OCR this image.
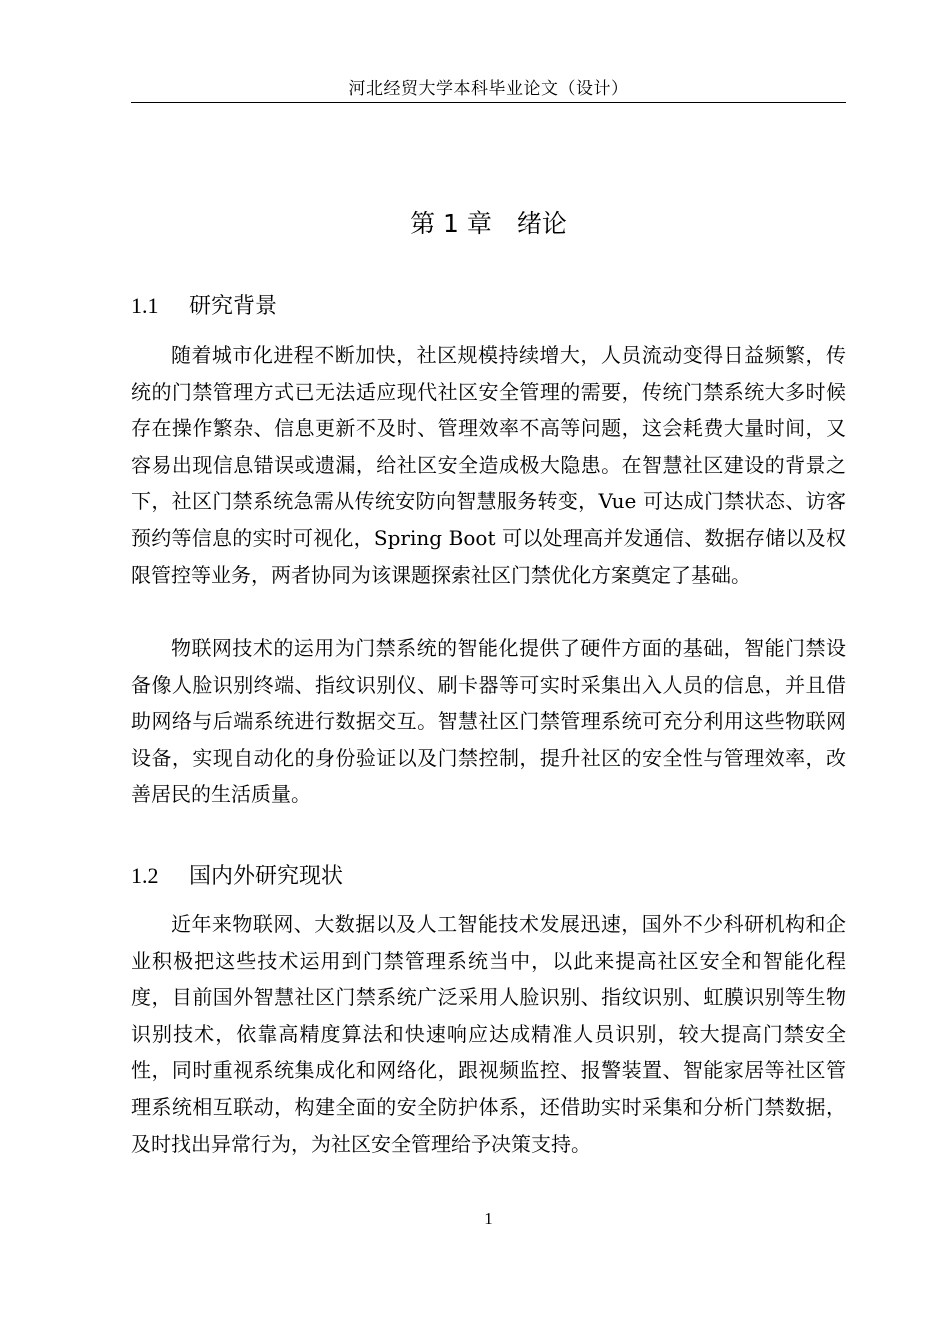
河北经贸大学本科毕业论文（设计）
第 1 章　绪论
1.1 研究背景

随着城市化进程不断加快，社区规模持续增大，人员流动变得日益频繁，传统的门禁管理方式已无法适应现代社区安全管理的需要，传统门禁系统大多时候存在操作繁杂、信息更新不及时、管理效率不高等问题，这会耗费大量时间，又容易出现信息错误或遗漏，给社区安全造成极大隐患。在智慧社区建设的背景之下，社区门禁系统急需从传统安防向智慧服务转变，Vue 可达成门禁状态、访客预约等信息的实时可视化，Spring Boot 可以处理高并发通信、数据存储以及权限管控等业务，两者协同为该课题探索社区门禁优化方案奠定了基础。

物联网技术的运用为门禁系统的智能化提供了硬件方面的基础，智能门禁设备像人脸识别终端、指纹识别仪、刷卡器等可实时采集出入人员的信息，并且借助网络与后端系统进行数据交互。智慧社区门禁管理系统可充分利用这些物联网设备，实现自动化的身份验证以及门禁控制，提升社区的安全性与管理效率，改善居民的生活质量。

1.2 国内外研究现状

近年来物联网、大数据以及人工智能技术发展迅速，国外不少科研机构和企业积极把这些技术运用到门禁管理系统当中，以此来提高社区安全和智能化程度，目前国外智慧社区门禁系统广泛采用人脸识别、指纹识别、虹膜识别等生物识别技术，依靠高精度算法和快速响应达成精准人员识别，较大提高门禁安全性，同时重视系统集成化和网络化，跟视频监控、报警装置、智能家居等社区管理系统相互联动，构建全面的安全防护体系，还借助实时采集和分析门禁数据，及时找出异常行为，为社区安全管理给予决策支持。

1
